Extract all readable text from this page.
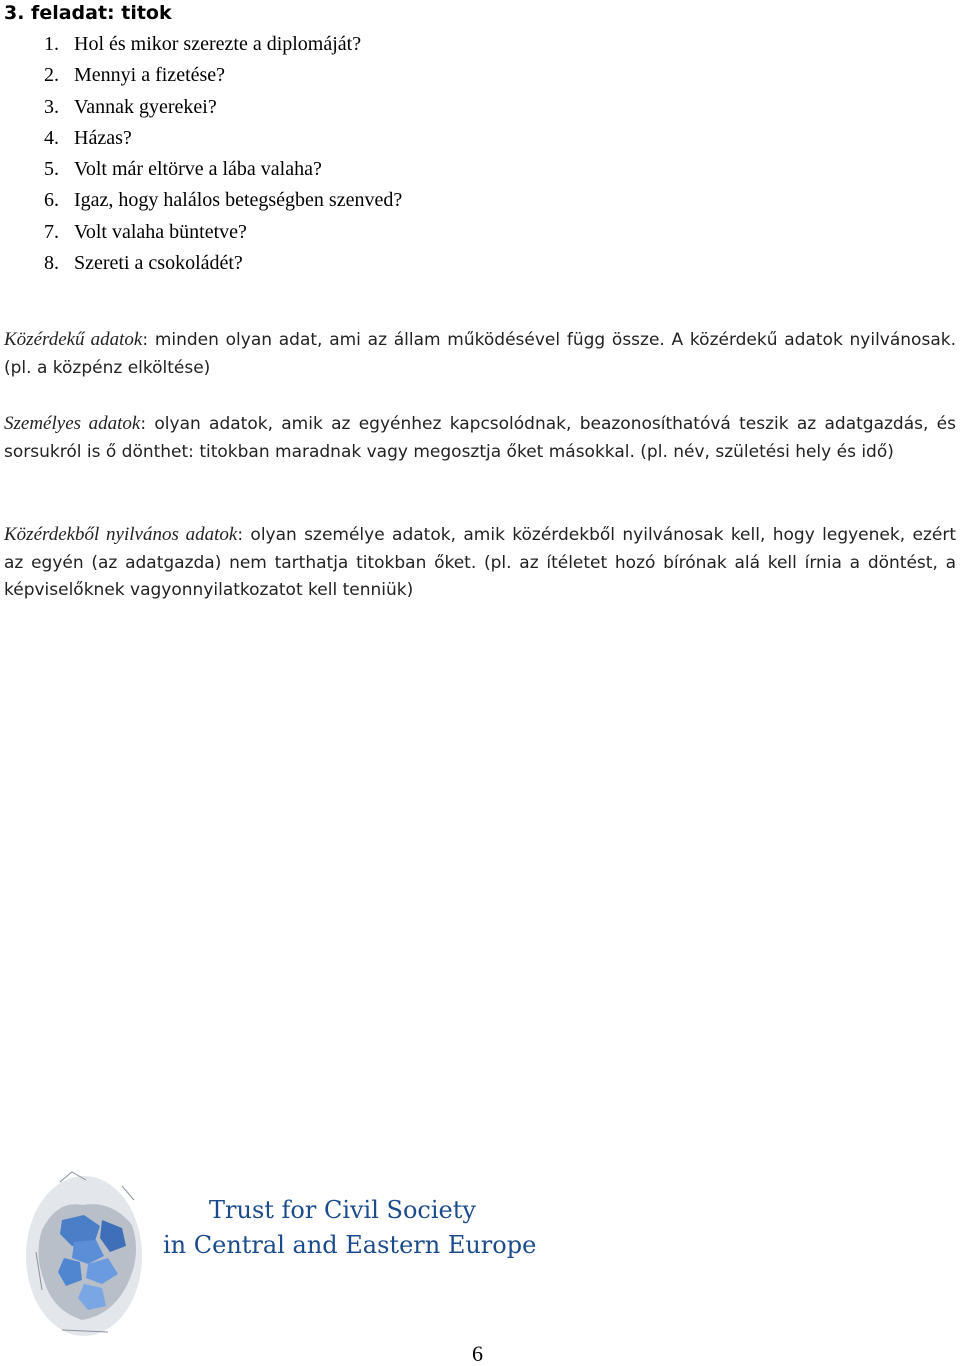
3. feladat: titok
1. Hol és mikor szerezte a diplomáját?
2. Mennyi a fizetése?
3. Vannak gyerekei?
4. Házas?
5. Volt már eltörve a lába valaha?
6. Igaz, hogy halálos betegségben szenved?
7. Volt valaha büntetve?
8. Szereti a csokoládét?

Közérdekű adatok: minden olyan adat, ami az állam működésével függ össze. A közérdekű adatok nyilvánosak. (pl. a közpénz elköltése)

Személyes adatok: olyan adatok, amik az egyénhez kapcsolódnak, beazonosíthatóvá teszik az adatgazdás, és sorsukról is ő dönthet: titokban maradnak vagy megosztja őket másokkal. (pl. név, születési hely és idő)

Közérdekből nyilvános adatok: olyan személye adatok, amik közérdekből nyilvánosak kell, hogy legyenek, ezért az egyén (az adatgazda) nem tarthatja titokban őket. (pl. az ítéletet hozó bírónak alá kell írnia a döntést, a képviselőknek vagyonnyilatkozatot kell tenniük)

Trust for Civil Society
in Central and Eastern Europe
6
